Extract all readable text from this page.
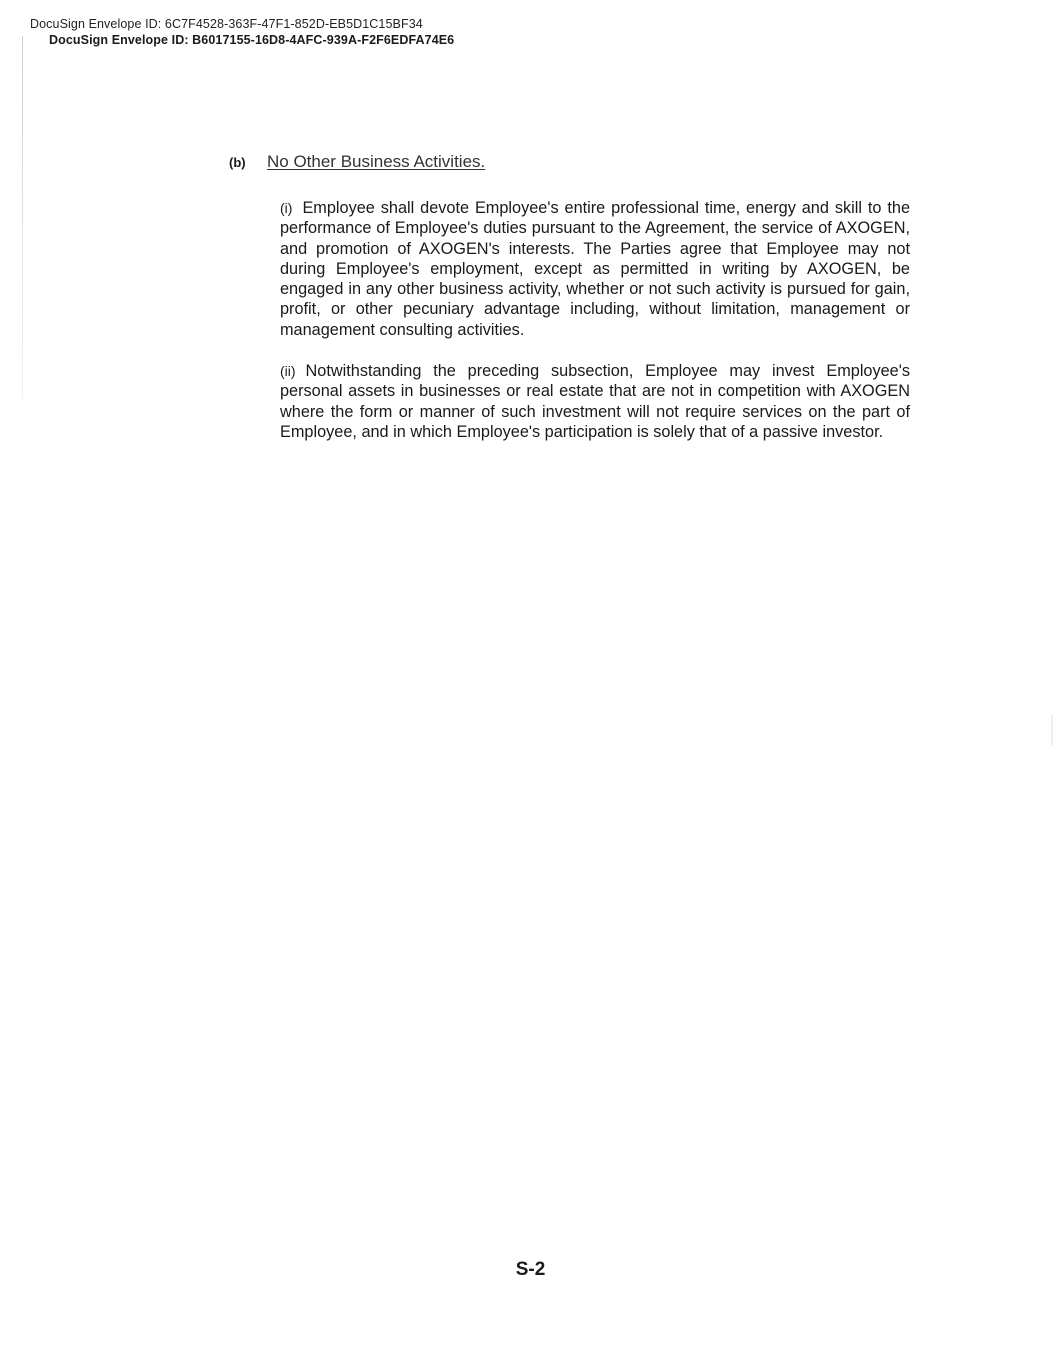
DocuSign Envelope ID: 6C7F4528-363F-47F1-852D-EB5D1C15BF34
DocuSign Envelope ID: B6017155-16D8-4AFC-939A-F2F6EDFA74E6
(b) No Other Business Activities.

(i) Employee shall devote Employee's entire professional time, energy and skill to the performance of Employee's duties pursuant to the Agreement, the service of AXOGEN, and promotion of AXOGEN's interests. The Parties agree that Employee may not during Employee's employment, except as permitted in writing by AXOGEN, be engaged in any other business activity, whether or not such activity is pursued for gain, profit, or other pecuniary advantage including, without limitation, management or management consulting activities.

(ii) Notwithstanding the preceding subsection, Employee may invest Employee's personal assets in businesses or real estate that are not in competition with AXOGEN where the form or manner of such investment will not require services on the part of Employee, and in which Employee's participation is solely that of a passive investor.

S-2
